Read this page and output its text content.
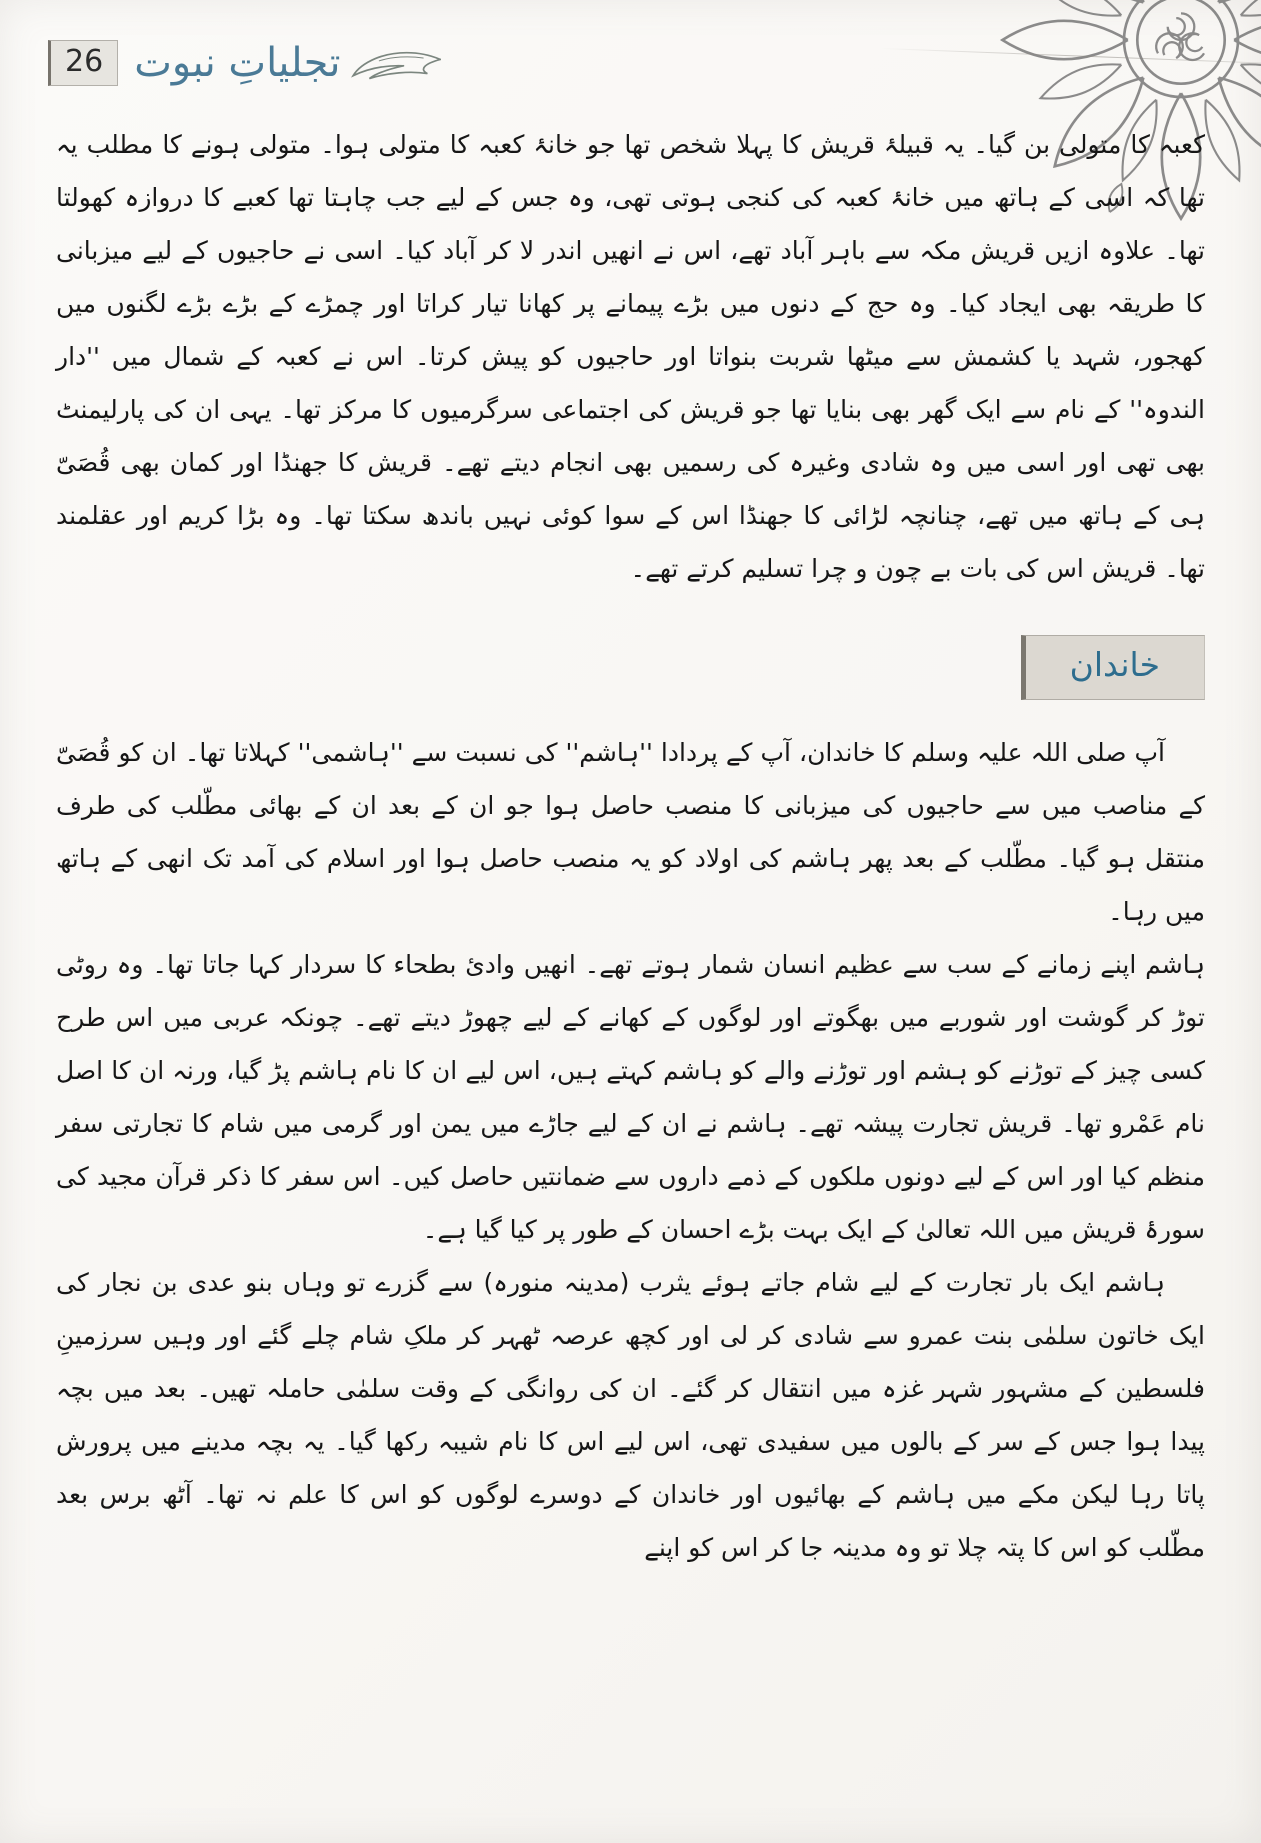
26 تجلیاتِ نبوت

کعبہ کا متولی بن گیا۔ یہ قبیلۂ قریش کا پہلا شخص تھا جو خانۂ کعبہ کا متولی ہوا۔ متولی ہونے کا مطلب یہ تھا کہ اسی کے ہاتھ میں خانۂ کعبہ کی کنجی ہوتی تھی، وہ جس کے لیے جب چاہتا تھا کعبے کا دروازہ کھولتا تھا۔ علاوہ ازیں قریش مکہ سے باہر آباد تھے، اس نے انھیں اندر لا کر آباد کیا۔ اسی نے حاجیوں کے لیے میزبانی کا طریقہ بھی ایجاد کیا۔ وہ حج کے دنوں میں بڑے پیمانے پر کھانا تیار کراتا اور چمڑے کے بڑے بڑے لگنوں میں کھجور، شہد یا کشمش سے میٹھا شربت بنواتا اور حاجیوں کو پیش کرتا۔ اس نے کعبہ کے شمال میں ''دار الندوہ'' کے نام سے ایک گھر بھی بنایا تھا جو قریش کی اجتماعی سرگرمیوں کا مرکز تھا۔ یہی ان کی پارلیمنٹ بھی تھی اور اسی میں وہ شادی وغیرہ کی رسمیں بھی انجام دیتے تھے۔ قریش کا جھنڈا اور کمان بھی قُصَیّ ہی کے ہاتھ میں تھے، چنانچہ لڑائی کا جھنڈا اس کے سوا کوئی نہیں باندھ سکتا تھا۔ وہ بڑا کریم اور عقلمند تھا۔ قریش اس کی بات بے چون و چرا تسلیم کرتے تھے۔

خاندان

آپ صلی اللہ علیہ وسلم کا خاندان، آپ کے پردادا ''ہاشم'' کی نسبت سے ''ہاشمی'' کہلاتا تھا۔ ان کو قُصَیّ کے مناصب میں سے حاجیوں کی میزبانی کا منصب حاصل ہوا جو ان کے بعد ان کے بھائی مطّلب کی طرف منتقل ہو گیا۔ مطّلب کے بعد پھر ہاشم کی اولاد کو یہ منصب حاصل ہوا اور اسلام کی آمد تک انھی کے ہاتھ میں رہا۔

ہاشم اپنے زمانے کے سب سے عظیم انسان شمار ہوتے تھے۔ انھیں وادیٔ بطحاء کا سردار کہا جاتا تھا۔ وہ روٹی توڑ کر گوشت اور شوربے میں بھگوتے اور لوگوں کے کھانے کے لیے چھوڑ دیتے تھے۔ چونکہ عربی میں اس طرح کسی چیز کے توڑنے کو ہشم اور توڑنے والے کو ہاشم کہتے ہیں، اس لیے ان کا نام ہاشم پڑ گیا، ورنہ ان کا اصل نام عَمْرو تھا۔ قریش تجارت پیشہ تھے۔ ہاشم نے ان کے لیے جاڑے میں یمن اور گرمی میں شام کا تجارتی سفر منظم کیا اور اس کے لیے دونوں ملکوں کے ذمے داروں سے ضمانتیں حاصل کیں۔ اس سفر کا ذکر قرآن مجید کی سورۂ قریش میں اللہ تعالیٰ کے ایک بہت بڑے احسان کے طور پر کیا گیا ہے۔

ہاشم ایک بار تجارت کے لیے شام جاتے ہوئے یثرب (مدینہ منورہ) سے گزرے تو وہاں بنو عدی بن نجار کی ایک خاتون سلمٰی بنت عمرو سے شادی کر لی اور کچھ عرصہ ٹھہر کر ملکِ شام چلے گئے اور وہیں سرزمینِ فلسطین کے مشہور شہر غزہ میں انتقال کر گئے۔ ان کی روانگی کے وقت سلمٰی حاملہ تھیں۔ بعد میں بچہ پیدا ہوا جس کے سر کے بالوں میں سفیدی تھی، اس لیے اس کا نام شیبہ رکھا گیا۔ یہ بچہ مدینے میں پرورش پاتا رہا لیکن مکے میں ہاشم کے بھائیوں اور خاندان کے دوسرے لوگوں کو اس کا علم نہ تھا۔ آٹھ برس بعد مطّلب کو اس کا پتہ چلا تو وہ مدینہ جا کر اس کو اپنے
